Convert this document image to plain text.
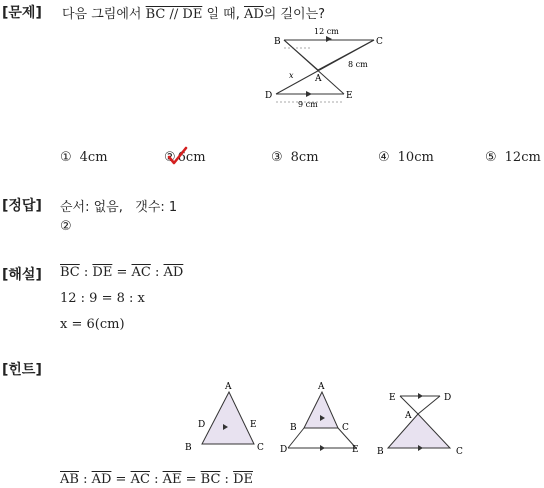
[문제] 다음 그림에서 BC // DE 일 때, $\overline{AD}$의 길이는?
B	C
A
D	E
12 cm
8 cm
9 cm
x
① 4cm	② 6cm	③ 8cm	④ 10cm	⑤ 12cm
[정답] 순서: 없음,   갯수: 1
②
[해설] $\overline{BC}$ : $\overline{DE} = \overline{AC}$ : $\overline{AD}$
12 : 9 = 8 : x
x = 6(cm)
[힌트]
A
D	E
B	C
A
B	C
D	E
E	D
A
B	C
$\overline{AB}$ : $\overline{AD} = \overline{AC}$ : $\overline{AE} = \overline{BC}$ : $\overline{DE}$
